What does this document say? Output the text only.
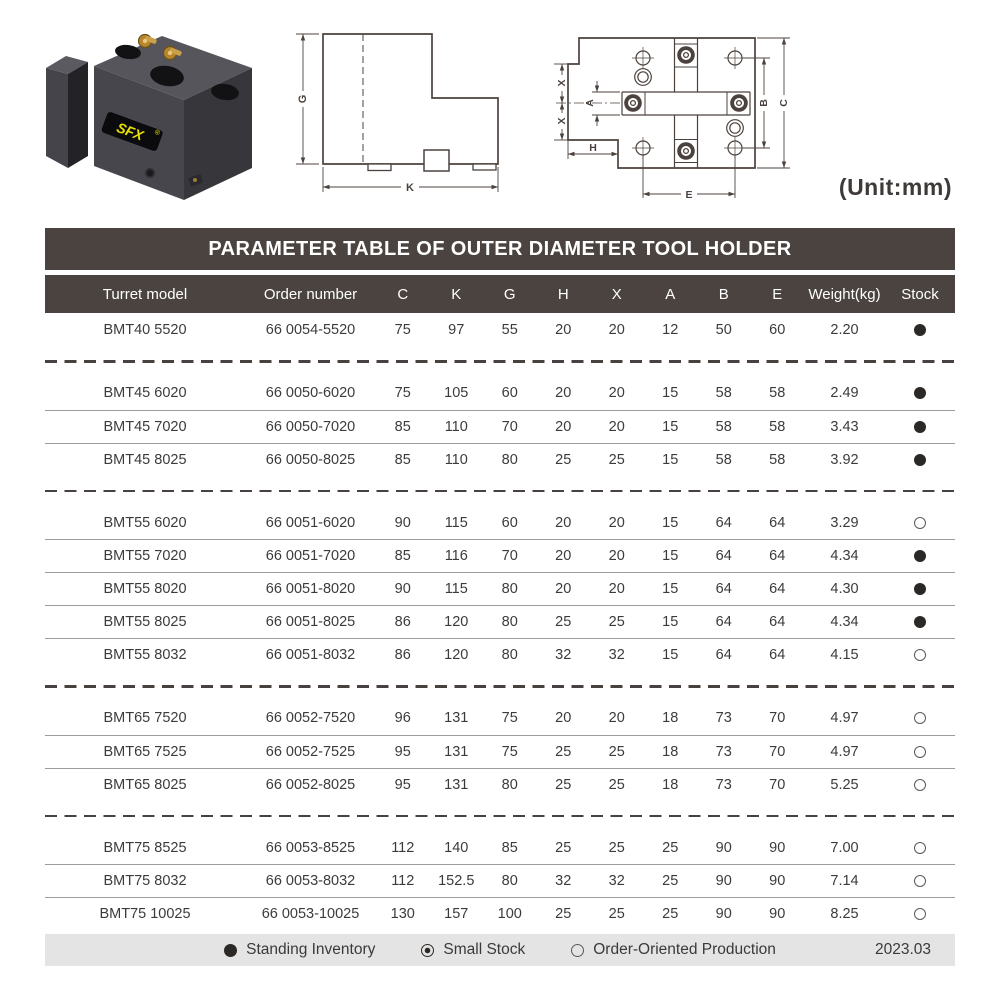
SFX ®
G
K
X
X
A
H
E
B C
(Unit:mm)
PARAMETER TABLE OF OUTER DIAMETER TOOL HOLDER
Turret model	Order number	C	K	G	H	X	A	B	E	Weight(kg)	Stock
BMT40 5520	66 0054-5520	75	97	55	20	20	12	50	60	2.20
BMT45 6020	66 0050-6020	75	105	60	20	20	15	58	58	2.49
BMT45 7020	66 0050-7020	85	110	70	20	20	15	58	58	3.43
BMT45 8025	66 0050-8025	85	110	80	25	25	15	58	58	3.92
BMT55 6020	66 0051-6020	90	115	60	20	20	15	64	64	3.29
BMT55 7020	66 0051-7020	85	116	70	20	20	15	64	64	4.34
BMT55 8020	66 0051-8020	90	115	80	20	20	15	64	64	4.30
BMT55 8025	66 0051-8025	86	120	80	25	25	15	64	64	4.34
BMT55 8032	66 0051-8032	86	120	80	32	32	15	64	64	4.15
BMT65 7520	66 0052-7520	96	131	75	20	20	18	73	70	4.97
BMT65 7525	66 0052-7525	95	131	75	25	25	18	73	70	4.97
BMT65 8025	66 0052-8025	95	131	80	25	25	18	73	70	5.25
BMT75 8525	66 0053-8525	112	140	85	25	25	25	90	90	7.00
BMT75 8032	66 0053-8032	112	152.5	80	32	32	25	90	90	7.14
BMT75 10025	66 0053-10025	130	157	100	25	25	25	90	90	8.25
Standing Inventory	Small Stock	Order-Oriented Production	2023.03
